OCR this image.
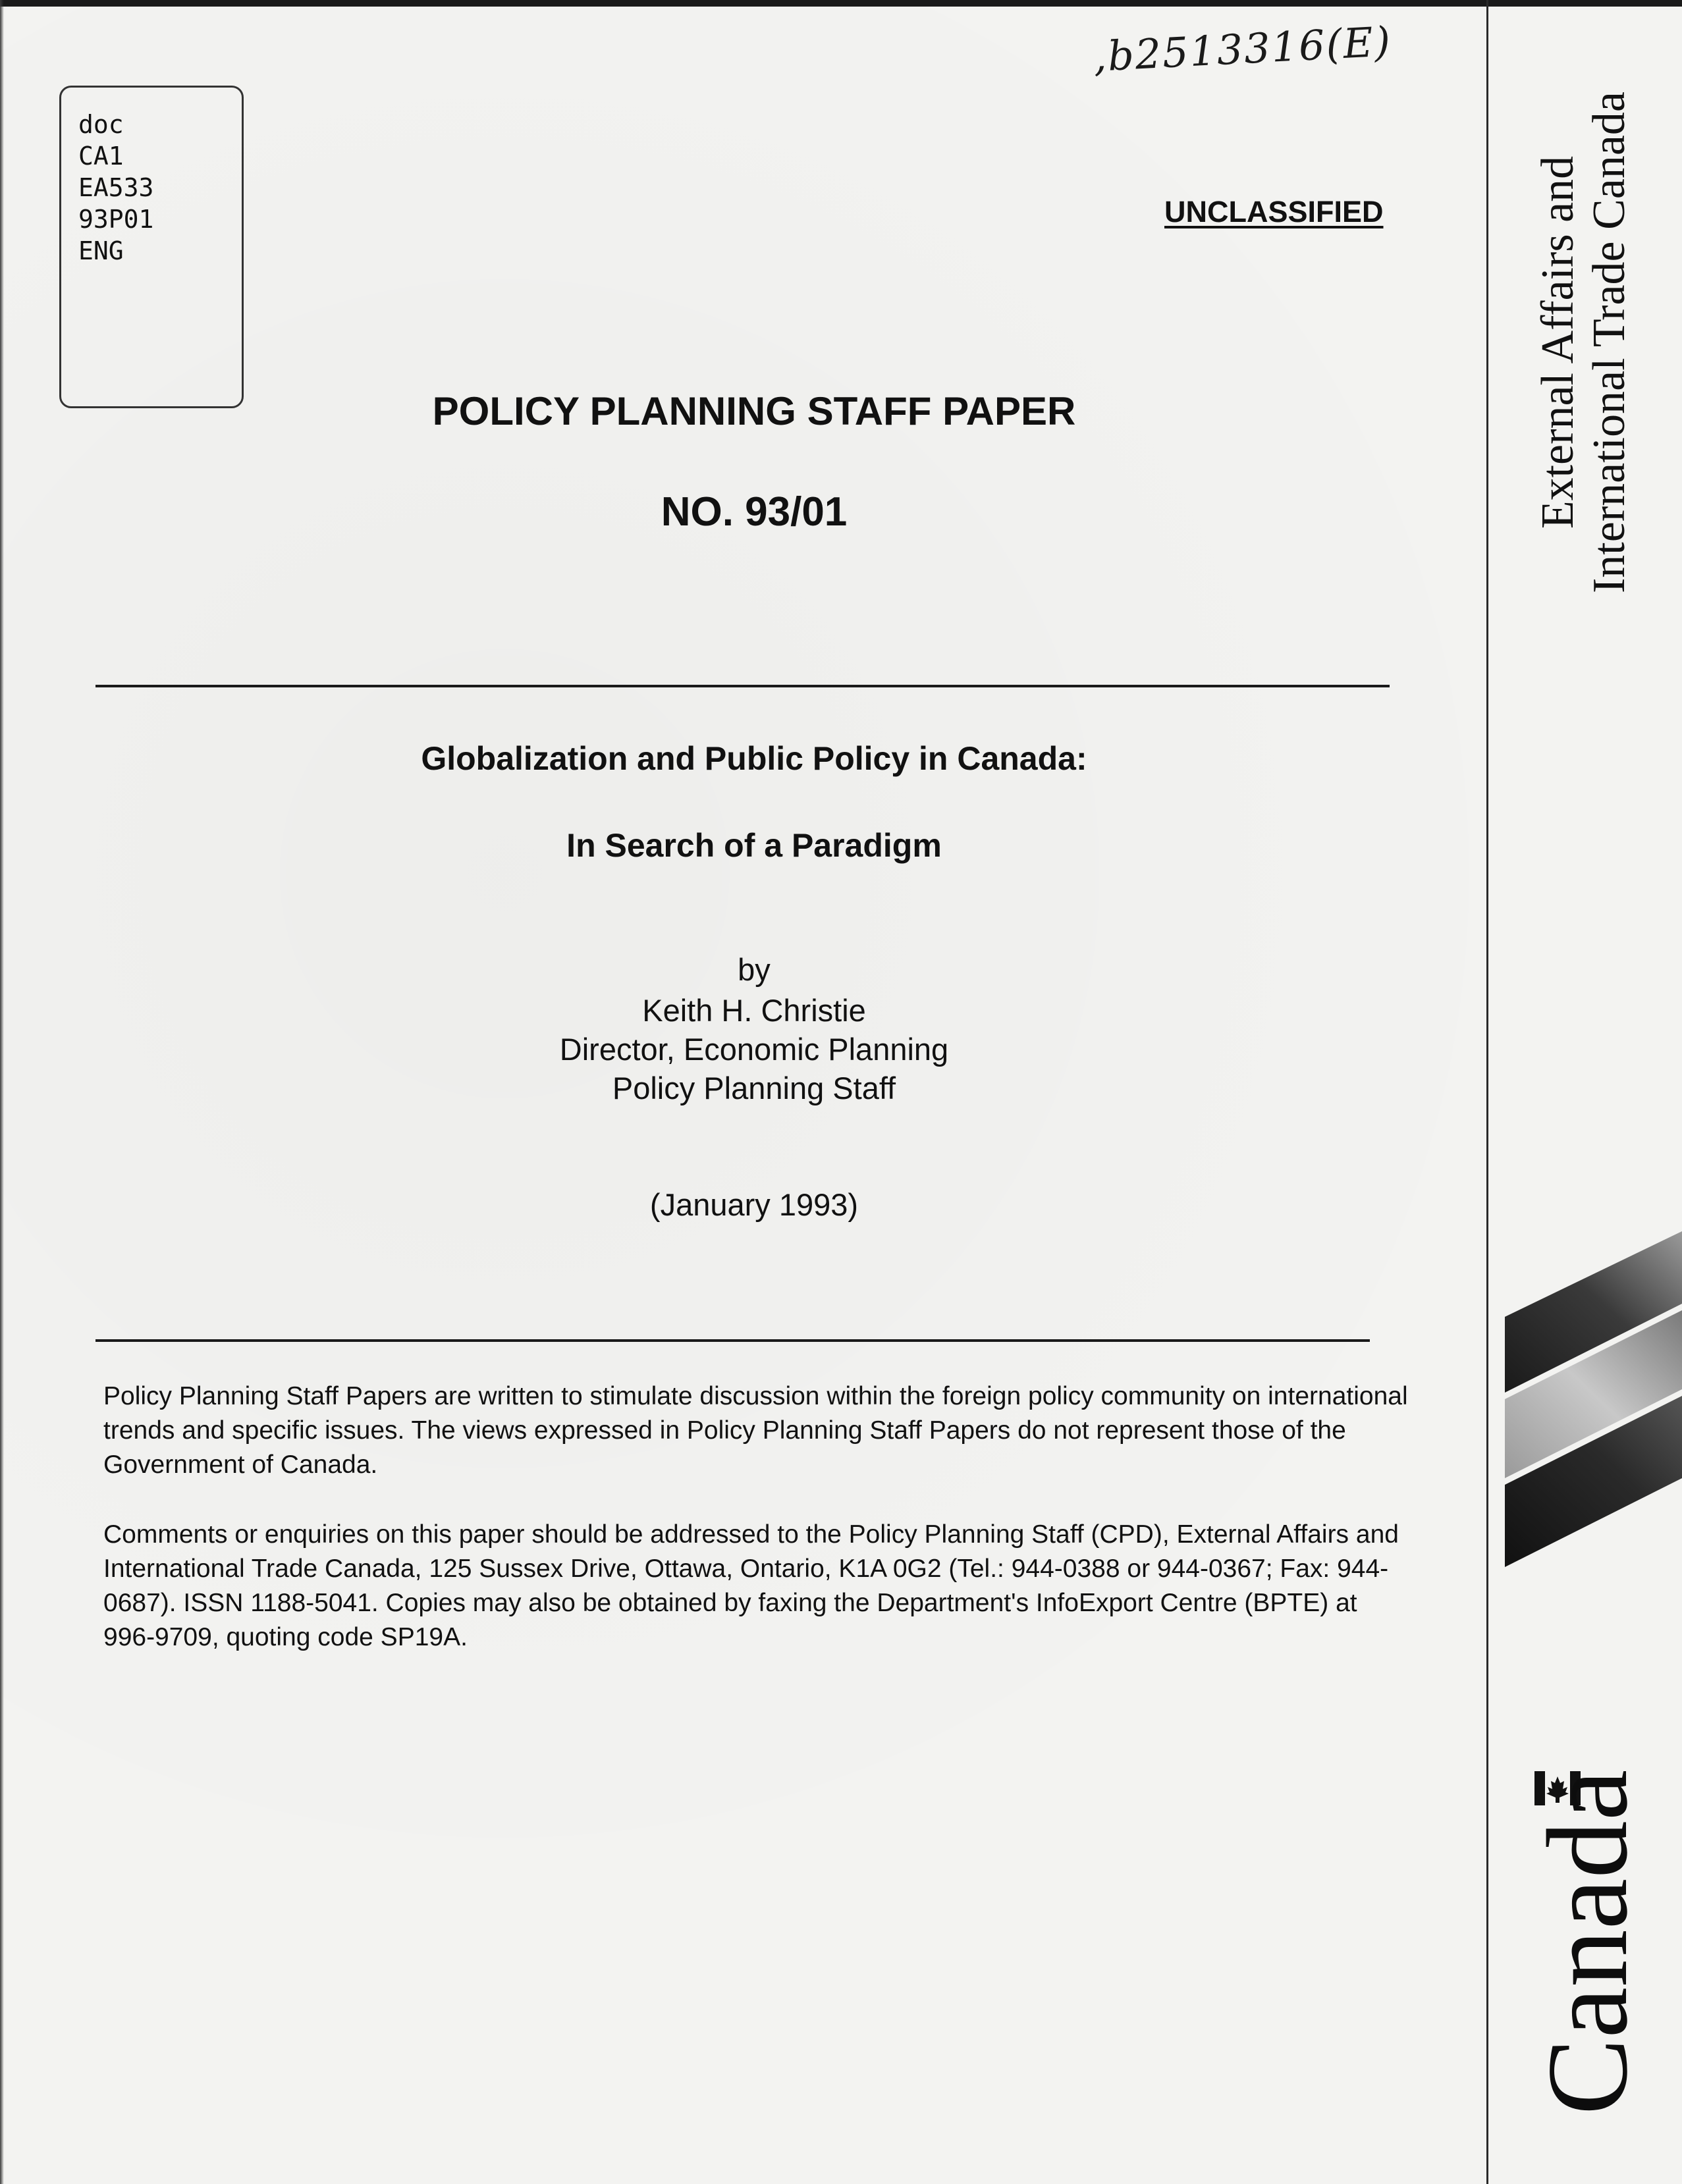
,b2513316(E)
doc
CA1
EA533
93P01
ENG
UNCLASSIFIED
POLICY PLANNING STAFF PAPER
NO. 93/01
Globalization and Public Policy in Canada:
In Search of a Paradigm
by
Keith H. Christie
Director, Economic Planning
Policy Planning Staff
(January 1993)

Policy Planning Staff Papers are written to stimulate discussion within the foreign policy community on international trends and specific issues. The views expressed in Policy Planning Staff Papers do not represent those of the Government of Canada.

Comments or enquiries on this paper should be addressed to the Policy Planning Staff (CPD), External Affairs and International Trade Canada, 125 Sussex Drive, Ottawa, Ontario, K1A 0G2 (Tel.: 944-0388 or 944-0367; Fax: 944-0687). ISSN 1188-5041. Copies may also be obtained by faxing the Department's InfoExport Centre (BPTE) at 996-9709, quoting code SP19A.

External Affairs and International Trade Canada
Canada
